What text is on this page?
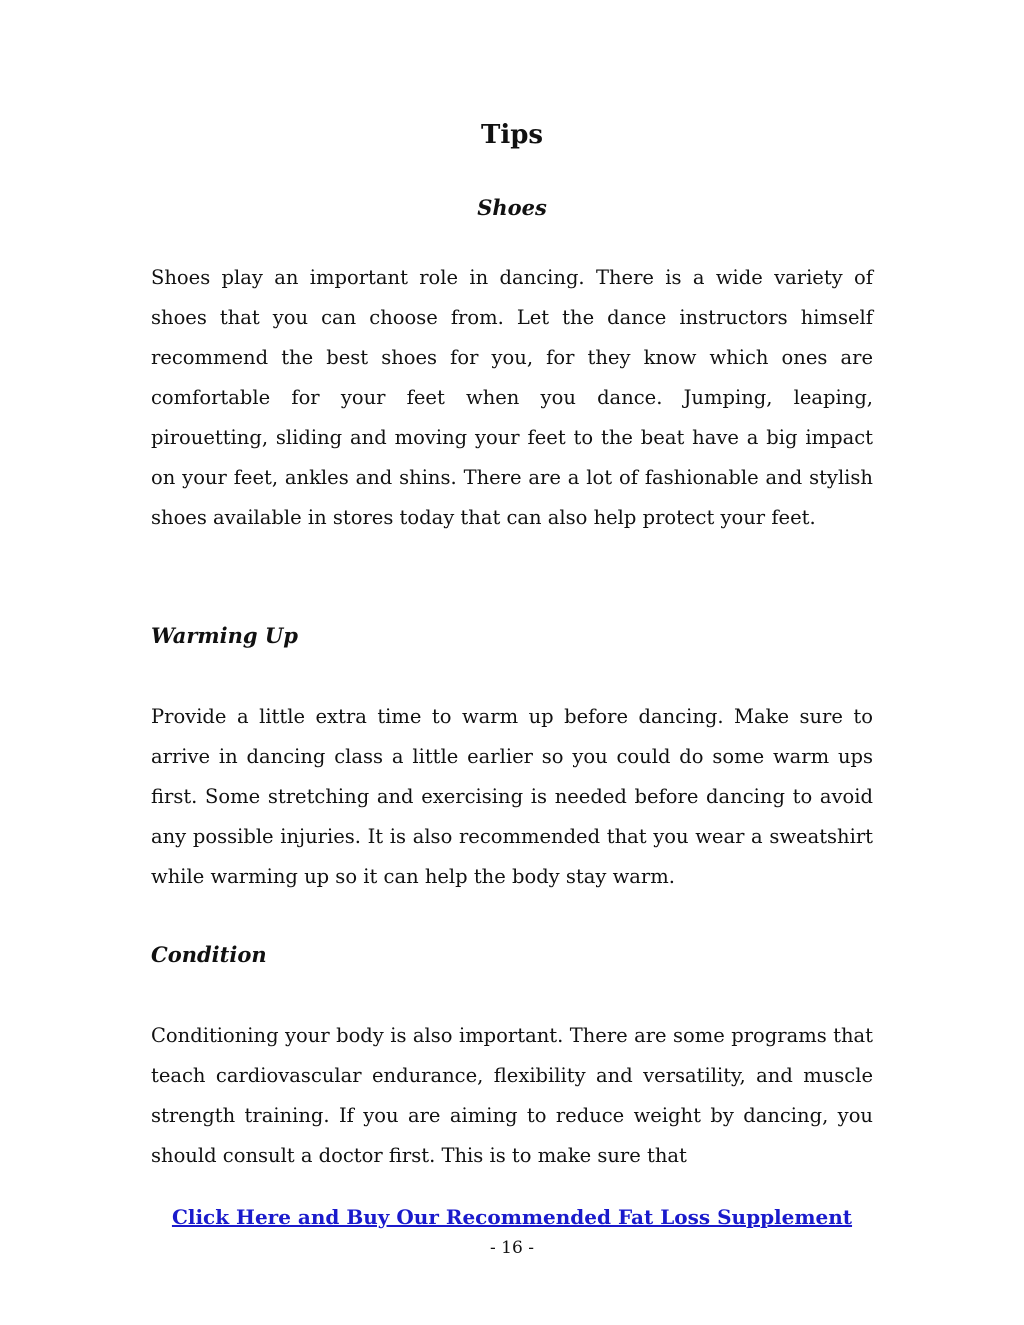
Tips
Shoes

Shoes play an important role in dancing. There is a wide variety of shoes that you can choose from. Let the dance instructors himself recommend the best shoes for you, for they know which ones are comfortable for your feet when you dance. Jumping, leaping, pirouetting, sliding and moving your feet to the beat have a big impact on your feet, ankles and shins. There are a lot of fashionable and stylish shoes available in stores today that can also help protect your feet.

Warming Up

Provide a little extra time to warm up before dancing. Make sure to arrive in dancing class a little earlier so you could do some warm ups first. Some stretching and exercising is needed before dancing to avoid any possible injuries. It is also recommended that you wear a sweatshirt while warming up so it can help the body stay warm.

Condition

Conditioning your body is also important. There are some programs that teach cardiovascular endurance, flexibility and versatility, and muscle strength training. If you are aiming to reduce weight by dancing, you should consult a doctor first. This is to make sure that

Click Here and Buy Our Recommended Fat Loss Supplement
- 16 -
